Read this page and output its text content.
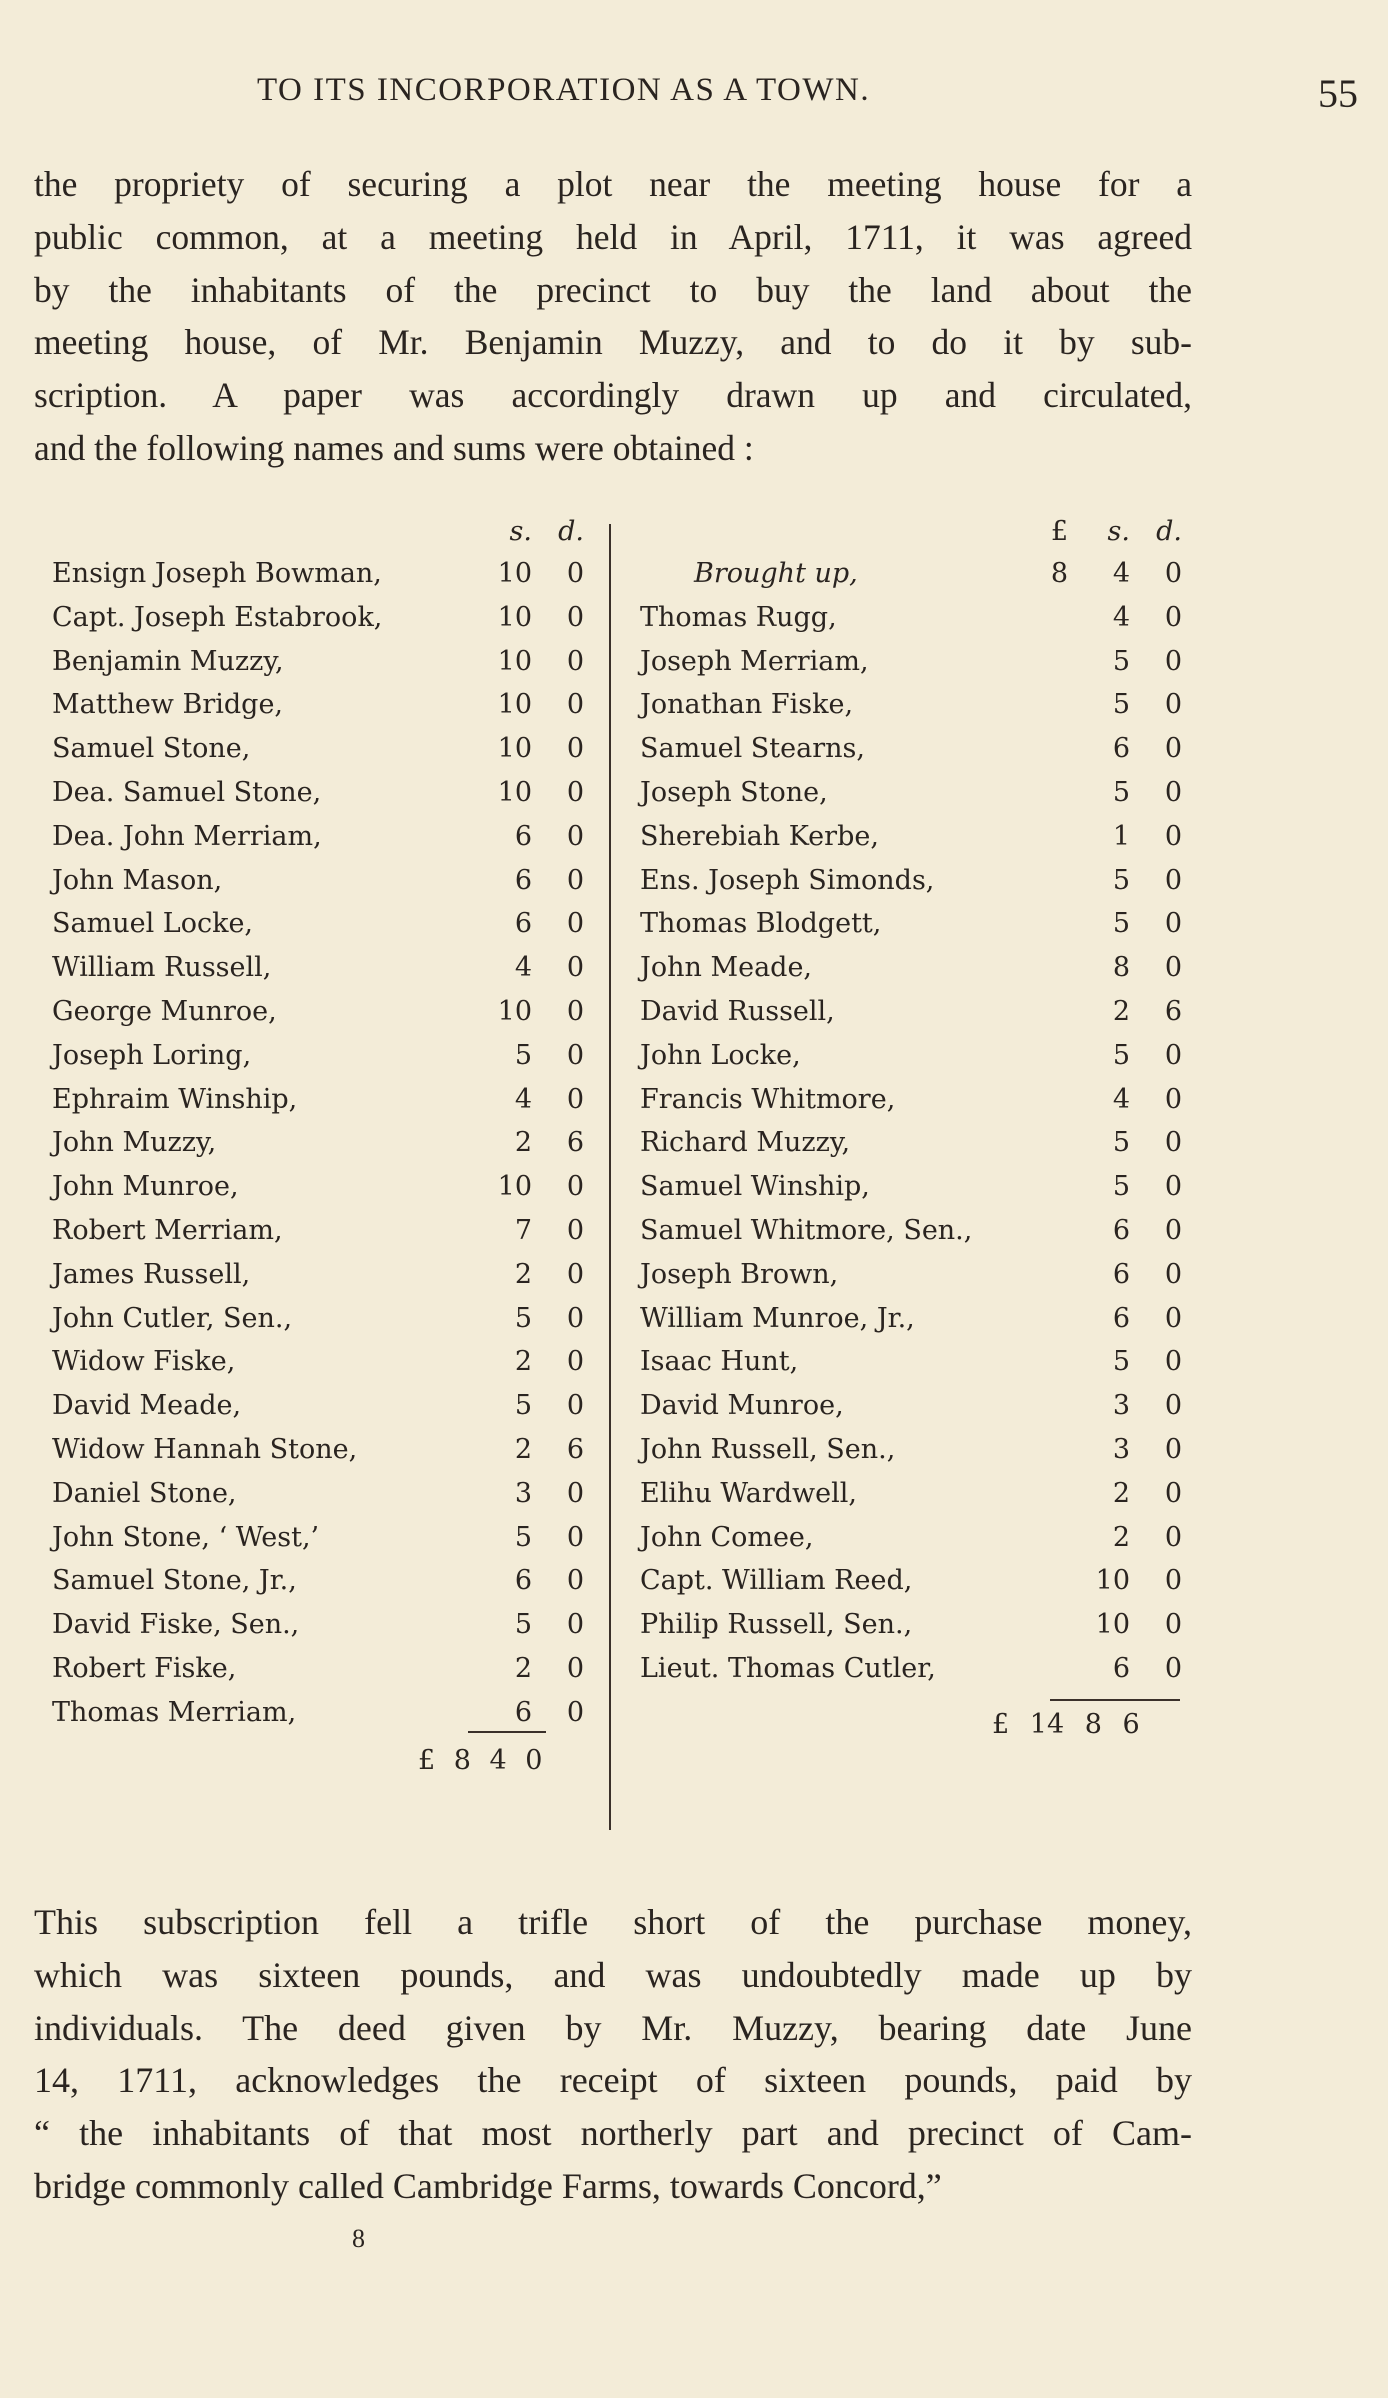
TO ITS INCORPORATION AS A TOWN.	55
the propriety of securing a plot near the meeting house for a
public common, at a meeting held in April, 1711, it was agreed
by the inhabitants of the precinct to buy the land about the
meeting house, of Mr. Benjamin Muzzy, and to do it by sub-
scription. A paper was accordingly drawn up and circulated,
and the following names and sums were obtained :
s. d.	£	s. d.
Ensign Joseph Bowman,	10	0
Capt. Joseph Estabrook,	10	0
Benjamin Muzzy,	10	0
Matthew Bridge,	10	0
Samuel Stone,	10	0
Dea. Samuel Stone,	10	0
Dea. John Merriam,	6	0
John Mason,	6	0
Samuel Locke,	6	0
William Russell,	4	0
George Munroe,	10	0
Joseph Loring,	5	0
Ephraim Winship,	4	0
John Muzzy,	2	6
John Munroe,	10	0
Robert Merriam,	7	0
James Russell,	2	0
John Cutler, Sen.,	5	0
Widow Fiske,	2	0
David Meade,	5	0
Widow Hannah Stone,	2	6
Daniel Stone,	3	0
John Stone, ‘ West,’	5	0
Samuel Stone, Jr.,	6	0
David Fiske, Sen.,	5	0
Robert Fiske,	2	0
Thomas Merriam,	6	0
£ 8 4 0
Brought up,	8	4	0
Thomas Rugg,	4	0
Joseph Merriam,	5	0
Jonathan Fiske,	5	0
Samuel Stearns,	6	0
Joseph Stone,	5	0
Sherebiah Kerbe,	1	0
Ens. Joseph Simonds,	5	0
Thomas Blodgett,	5	0
John Meade,	8	0
David Russell,	2	6
John Locke,	5	0
Francis Whitmore,	4	0
Richard Muzzy,	5	0
Samuel Winship,	5	0
Samuel Whitmore, Sen.,	6	0
Joseph Brown,	6	0
William Munroe, Jr.,	6	0
Isaac Hunt,	5	0
David Munroe,	3	0
John Russell, Sen.,	3	0
Elihu Wardwell,	2	0
John Comee,	2	0
Capt. William Reed,	10	0
Philip Russell, Sen.,	10	0
Lieut. Thomas Cutler,	6	0
£ 14 8 6
This subscription fell a trifle short of the purchase money,
which was sixteen pounds, and was undoubtedly made up by
individuals. The deed given by Mr. Muzzy, bearing date June
14, 1711, acknowledges the receipt of sixteen pounds, paid by
“ the inhabitants of that most northerly part and precinct of Cam-
bridge commonly called Cambridge Farms, towards Concord,”
8
